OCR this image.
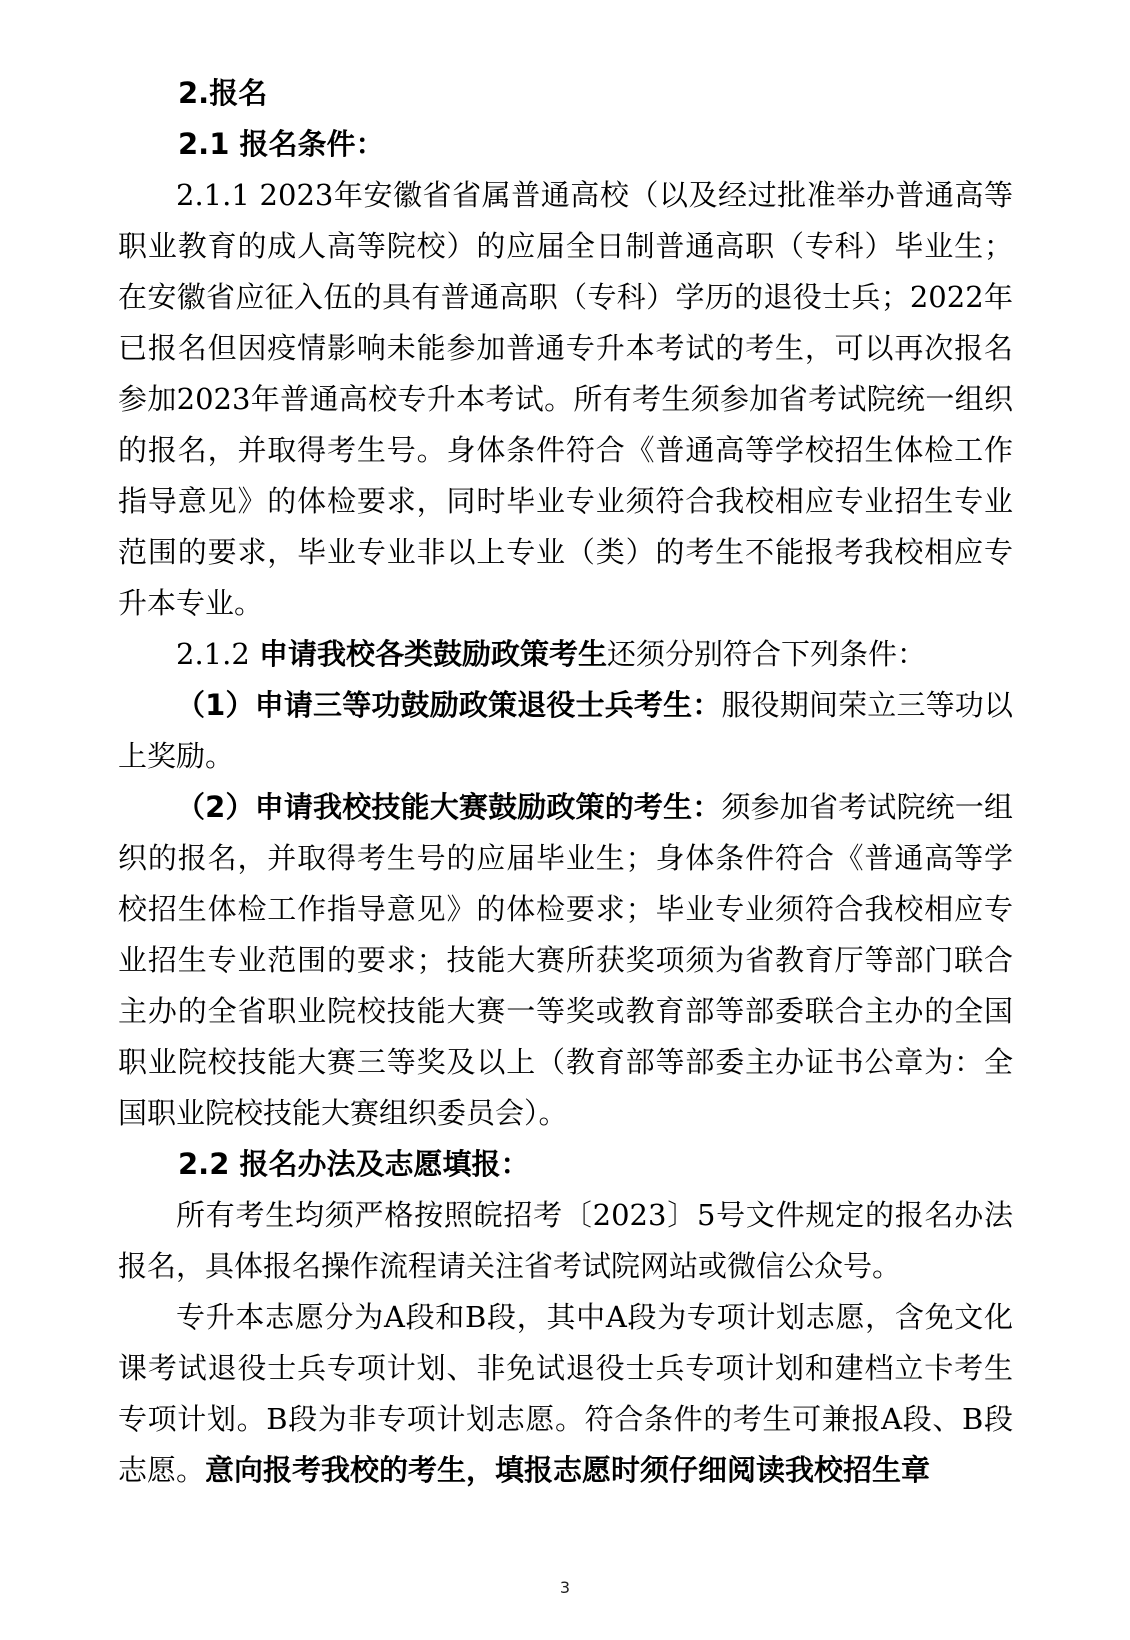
2.报名

2.1 报名条件：

2.1.1 2023年安徽省省属普通高校（以及经过批准举办普通高等职业教育的成人高等院校）的应届全日制普通高职（专科）毕业生；在安徽省应征入伍的具有普通高职（专科）学历的退役士兵；2022年已报名但因疫情影响未能参加普通专升本考试的考生，可以再次报名参加2023年普通高校专升本考试。所有考生须参加省考试院统一组织的报名，并取得考生号。身体条件符合《普通高等学校招生体检工作指导意见》的体检要求，同时毕业专业须符合我校相应专业招生专业范围的要求，毕业专业非以上专业（类）的考生不能报考我校相应专升本专业。

2.1.2 申请我校各类鼓励政策考生还须分别符合下列条件：

（1）申请三等功鼓励政策退役士兵考生：服役期间荣立三等功以上奖励。

（2）申请我校技能大赛鼓励政策的考生：须参加省考试院统一组织的报名，并取得考生号的应届毕业生；身体条件符合《普通高等学校招生体检工作指导意见》的体检要求；毕业专业须符合我校相应专业招生专业范围的要求；技能大赛所获奖项须为省教育厅等部门联合主办的全省职业院校技能大赛一等奖或教育部等部委联合主办的全国职业院校技能大赛三等奖及以上（教育部等部委主办证书公章为：全国职业院校技能大赛组织委员会）。

2.2 报名办法及志愿填报：

所有考生均须严格按照皖招考〔2023〕5号文件规定的报名办法报名，具体报名操作流程请关注省考试院网站或微信公众号。

专升本志愿分为A段和B段，其中A段为专项计划志愿，含免文化课考试退役士兵专项计划、非免试退役士兵专项计划和建档立卡考生专项计划。B段为非专项计划志愿。符合条件的考生可兼报A段、B段志愿。意向报考我校的考生，填报志愿时须仔细阅读我校招生章

3
